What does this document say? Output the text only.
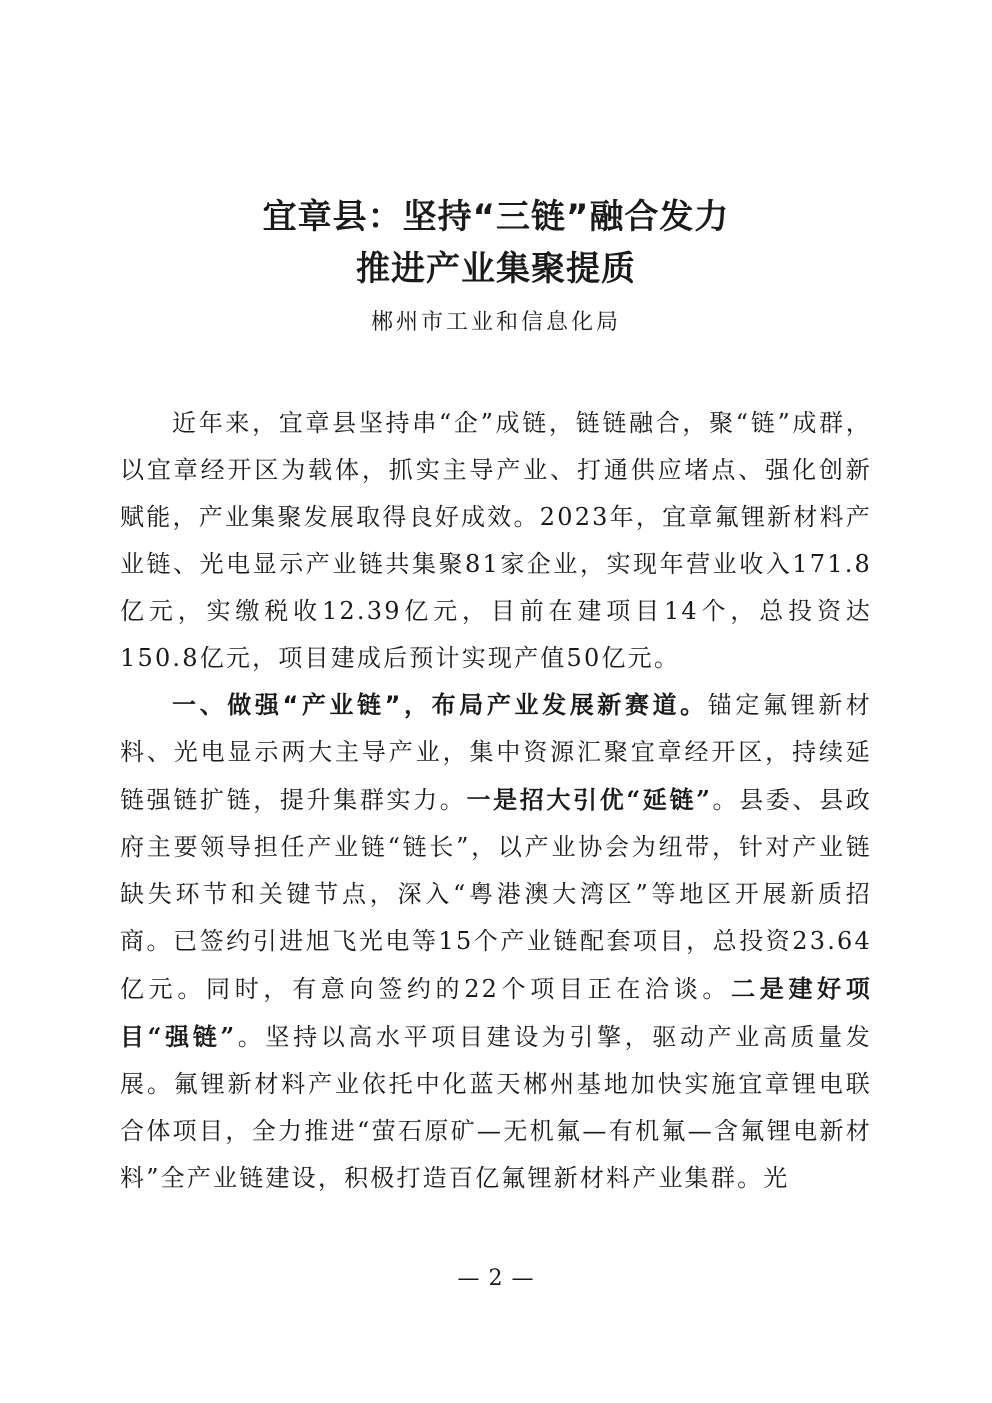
宜章县：坚持“三链”融合发力
推进产业集聚提质

郴州市工业和信息化局

近年来，宜章县坚持串“企”成链，链链融合，聚“链”成群，以宜章经开区为载体，抓实主导产业、打通供应堵点、强化创新赋能，产业集聚发展取得良好成效。2023年，宜章氟锂新材料产业链、光电显示产业链共集聚81家企业，实现年营业收入171.8亿元，实缴税收12.39亿元，目前在建项目14个，总投资达150.8亿元，项目建成后预计实现产值50亿元。

一、做强“产业链”，布局产业发展新赛道。锚定氟锂新材料、光电显示两大主导产业，集中资源汇聚宜章经开区，持续延链强链扩链，提升集群实力。一是招大引优“延链”。县委、县政府主要领导担任产业链“链长”，以产业协会为纽带，针对产业链缺失环节和关键节点，深入“粤港澳大湾区”等地区开展新质招商。已签约引进旭飞光电等15个产业链配套项目，总投资23.64亿元。同时，有意向签约的22个项目正在洽谈。二是建好项目“强链”。坚持以高水平项目建设为引擎，驱动产业高质量发展。氟锂新材料产业依托中化蓝天郴州基地加快实施宜章锂电联合体项目，全力推进“萤石原矿—无机氟—有机氟—含氟锂电新材料”全产业链建设，积极打造百亿氟锂新材料产业集群。光

— 2 —
